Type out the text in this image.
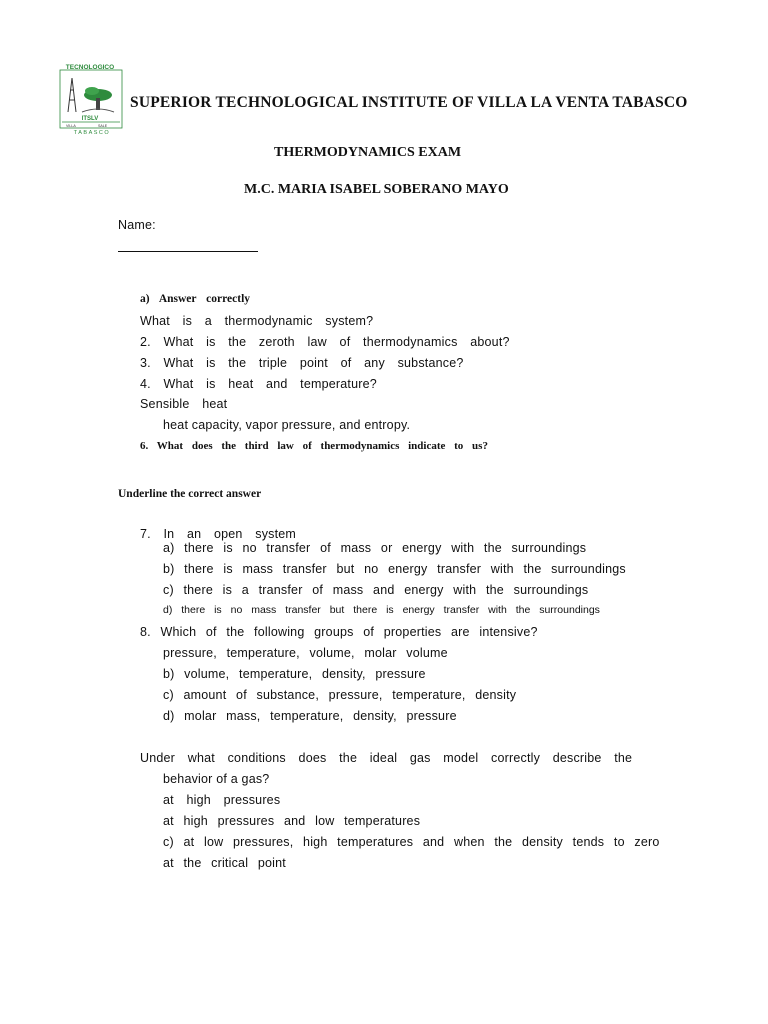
TECNOLOGICO
ITSLV
VILLA	SALE
TABASCO
SUPERIOR TECHNOLOGICAL INSTITUTE OF VILLA LA VENTA TABASCO
THERMODYNAMICS EXAM
M.C. MARIA ISABEL SOBERANO MAYO
Name:
a) Answer correctly
What is a thermodynamic system?
2. What is the zeroth law of thermodynamics about?
3. What is the triple point of any substance?
4. What is heat and temperature?
Sensible heat
heat capacity, vapor pressure, and entropy.
6. What does the third law of thermodynamics indicate to us?
Underline the correct answer
7. In an open system
a) there is no transfer of mass or energy with the surroundings
b) there is mass transfer but no energy transfer with the surroundings
c) there is a transfer of mass and energy with the surroundings
d) there is no mass transfer but there is energy transfer with the surroundings
8. Which of the following groups of properties are intensive?
pressure, temperature, volume, molar volume
b) volume, temperature, density, pressure
c) amount of substance, pressure, temperature, density
d) molar mass, temperature, density, pressure
Under what conditions does the ideal gas model correctly describe the
behavior of a gas?
at high pressures
at high pressures and low temperatures
c) at low pressures, high temperatures and when the density tends to zero
at the critical point
